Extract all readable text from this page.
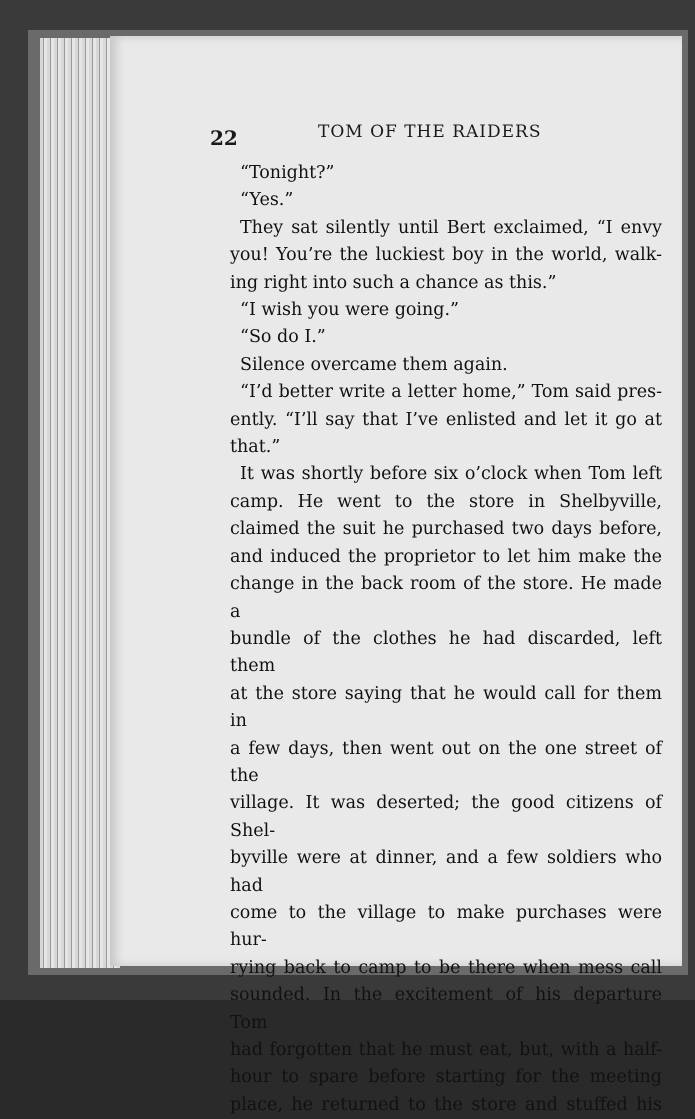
22	TOM OF THE RAIDERS
“Tonight?”
“Yes.”
They sat silently until Bert exclaimed, “I envy
you! You’re the luckiest boy in the world, walk-
ing right into such a chance as this.”
“I wish you were going.”
“So do I.”
Silence overcame them again.
“I’d better write a letter home,” Tom said pres-
ently. “I’ll say that I’ve enlisted and let it go at
that.”
It was shortly before six o’clock when Tom left
camp. He went to the store in Shelbyville,
claimed the suit he purchased two days before,
and induced the proprietor to let him make the
change in the back room of the store. He made a
bundle of the clothes he had discarded, left them
at the store saying that he would call for them in
a few days, then went out on the one street of the
village. It was deserted; the good citizens of Shel-
byville were at dinner, and a few soldiers who had
come to the village to make purchases were hur-
rying back to camp to be there when mess call
sounded. In the excitement of his departure Tom
had forgotten that he must eat, but, with a half-
hour to spare before starting for the meeting
place, he returned to the store and stuffed his
